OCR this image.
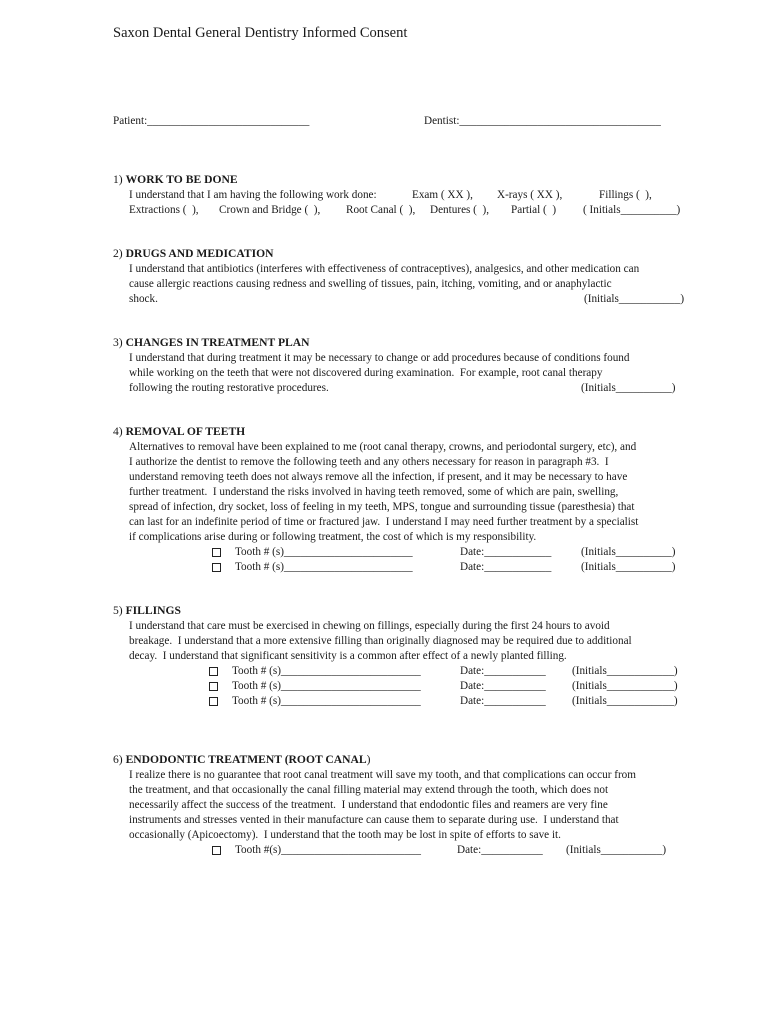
Saxon Dental General Dentistry Informed Consent
Patient:_____________________________	Dentist:____________________________________
1) WORK TO BE DONE
I understand that I am having the following work done:	Exam ( XX ), X-rays ( XX ),	Fillings (  ),
Extractions (  ), Crown and Bridge (  ), Root Canal (  ), Dentures (  ), Partial (  ) ( Initials__________)
2) DRUGS AND MEDICATION
I understand that antibiotics (interferes with effectiveness of contraceptives), analgesics, and other medication can
cause allergic reactions causing redness and swelling of tissues, pain, itching, vomiting, and or anaphylactic
shock.	(Initials___________)
3) CHANGES IN TREATMENT PLAN
I understand that during treatment it may be necessary to change or add procedures because of conditions found
while working on the teeth that were not discovered during examination.  For example, root canal therapy
following the routing restorative procedures.	(Initials__________)
4) REMOVAL OF TEETH
Alternatives to removal have been explained to me (root canal therapy, crowns, and periodontal surgery, etc), and
I authorize the dentist to remove the following teeth and any others necessary for reason in paragraph #3.  I
understand removing teeth does not always remove all the infection, if present, and it may be necessary to have
further treatment.  I understand the risks involved in having teeth removed, some of which are pain, swelling,
spread of infection, dry socket, loss of feeling in my teeth, MPS, tongue and surrounding tissue (paresthesia) that
can last for an indefinite period of time or fractured jaw.  I understand I may need further treatment by a specialist
if complications arise during or following treatment, the cost of which is my responsibility.
Tooth # (s)_______________________	Date:____________	(Initials__________)
Tooth # (s)_______________________	Date:____________	(Initials__________)
5) FILLINGS
I understand that care must be exercised in chewing on fillings, especially during the first 24 hours to avoid
breakage.  I understand that a more extensive filling than originally diagnosed may be required due to additional
decay.  I understand that significant sensitivity is a common after effect of a newly planted filling.
Tooth # (s)_________________________	Date:___________ (Initials____________)
Tooth # (s)_________________________	Date:___________ (Initials____________)
Tooth # (s)_________________________	Date:___________ (Initials____________)
6) ENDODONTIC TREATMENT (ROOT CANAL)
I realize there is no guarantee that root canal treatment will save my tooth, and that complications can occur from
the treatment, and that occasionally the canal filling material may extend through the tooth, which does not
necessarily affect the success of the treatment.  I understand that endodontic files and reamers are very fine
instruments and stresses vented in their manufacture can cause them to separate during use.  I understand that
occasionally (Apicoectomy).  I understand that the tooth may be lost in spite of efforts to save it.
Tooth #(s)_________________________	Date:___________ (Initials___________)
